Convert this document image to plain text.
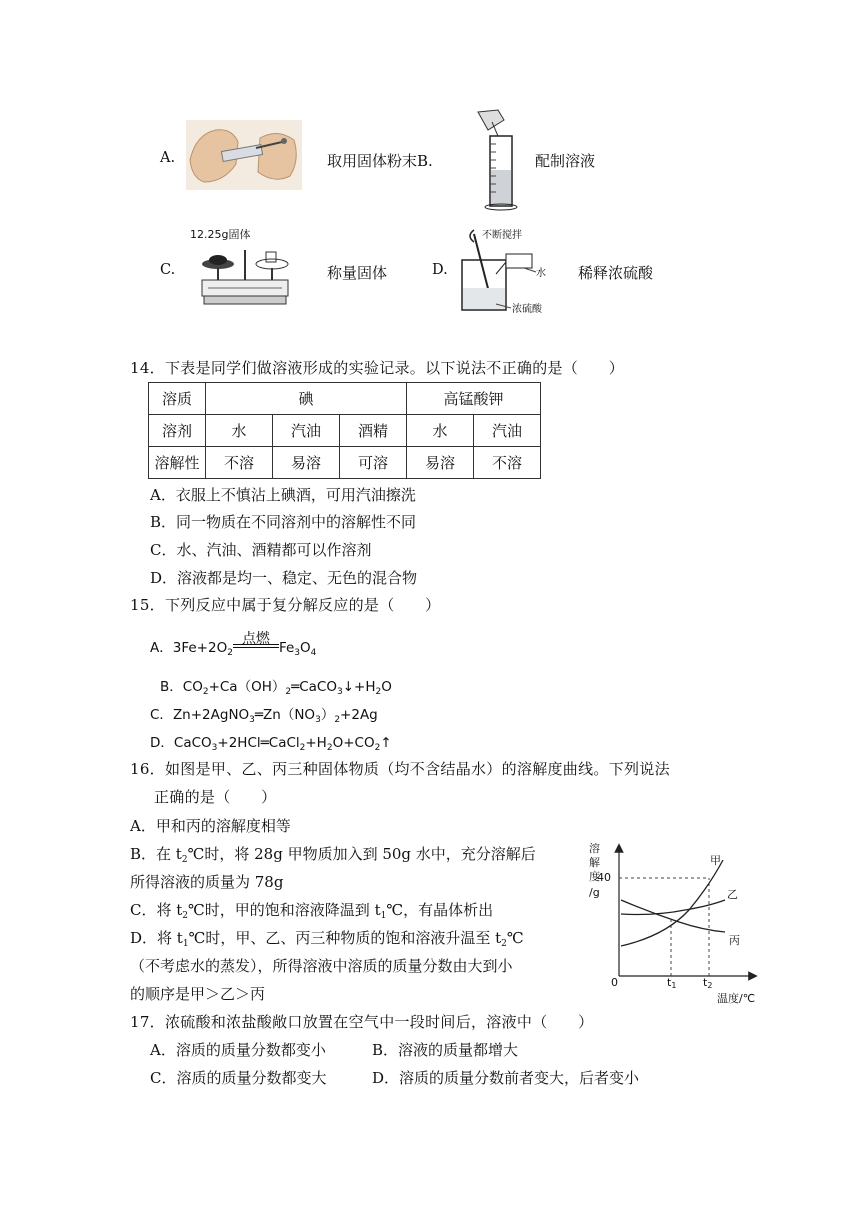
A.	取用固体粉末B.	配制溶液
C.
12.25g固体
称量固体	D.
不断搅拌
水
浓硫酸
稀释浓硫酸
14．下表是同学们做溶液形成的实验记录。以下说法不正确的是（　　）
溶质	碘			高锰酸钾	
溶剂	水	汽油	酒精	水	汽油
溶解性	不溶	易溶	可溶	易溶	不溶
A．衣服上不慎沾上碘酒，可用汽油擦洗
B．同一物质在不同溶剂中的溶解性不同
C．水、汽油、酒精都可以作溶剂
D．溶液都是均一、稳定、无色的混合物
15．下列反应中属于复分解反应的是（　　）
A．$3Fe+2O_2$
点燃
$Fe_3O_4$
B．$CO_2+Ca(OH)_2═CaCO_3↓+H_2O$
C．$Zn+2AgNO_3═Zn(NO_3)_2+2Ag$
D．$CaCO_3+2HCl═CaCl_2+H_2O+CO_2↑$
16．如图是甲、乙、丙三种固体物质（均不含结晶水）的溶解度曲线。下列说法
正确的是（　　）
A．甲和丙的溶解度相等
B．在 $t_2℃$时，将 28g 甲物质加入到 50g 水中，充分溶解后
所得溶液的质量为 78g
C．将 $t_2℃$时，甲的饱和溶液降温到 $t_1℃$，有晶体析出
D．将 $t_1℃$时，甲、乙、丙三种物质的饱和溶液升温至 $t_2℃$
（不考虑水的蒸发），所得溶液中溶质的质量分数由大到小
的顺序是甲＞乙＞丙
溶
解
度
/g
40
0	t1 t2
温度/℃
甲
乙
丙
17．浓硫酸和浓盐酸敞口放置在空气中一段时间后，溶液中（　　）
A．溶质的质量分数都变小	B．溶液的质量都增大
C．溶质的质量分数都变大	D．溶质的质量分数前者变大，后者变小
